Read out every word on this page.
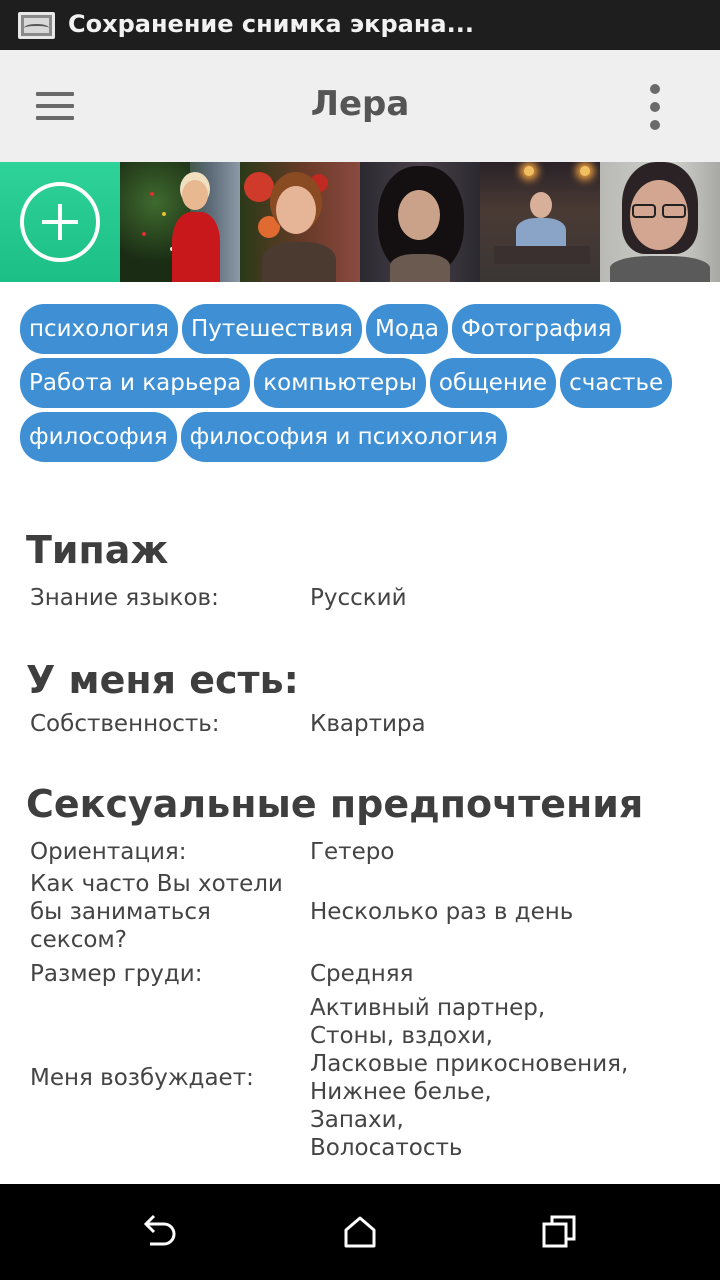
Сохранение снимка экрана...
Лера

психология Путешествия Мода Фотография
Работа и карьера компьютеры общение счастье
философия философия и психология
Типаж
Знание языков:	Русский
У меня есть:
Собственность:	Квартира
Сексуальные предпочтения
Ориентация:	Гетеро
Как часто Вы хотели бы заниматься сексом?
Несколько раз в день
Размер груди:	Средняя
Меня возбуждает:
Активный партнер,
Стоны, вздохи,
Ласковые прикосновения,
Нижнее белье,
Запахи,
Волосатость
